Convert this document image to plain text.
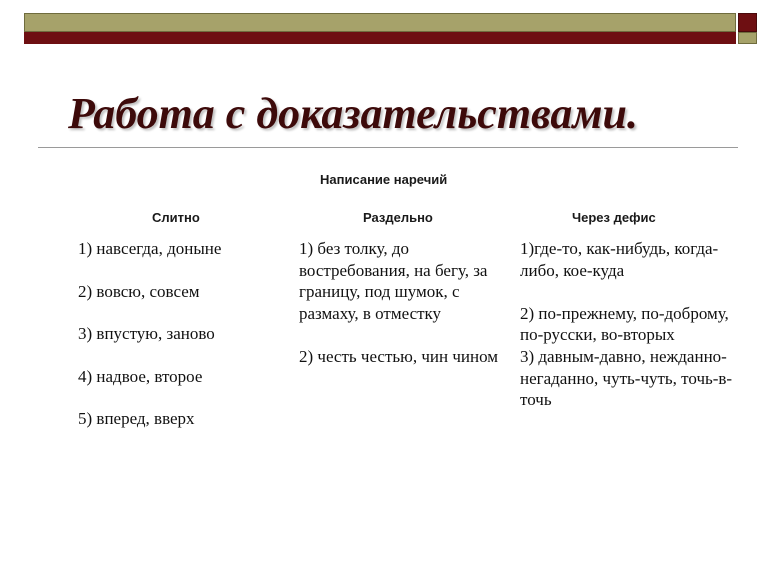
Работа с доказательствами.
Написание наречий
Слитно	Раздельно	Через дефис
1) навсегда, доныне
2) вовсю, совсем
3) впустую, заново
4) надвое, второе
5) вперед, вверх
1) без толку, до востребования, на бегу, за границу, под шумок, с размаху, в отместку
2) честь честью, чин чином
1)где-то, как-нибудь, когда-либо, кое-куда
2) по-прежнему, по-доброму, по-русски, во-вторых
3) давным-давно, нежданно-негаданно, чуть-чуть, точь-в-точь
